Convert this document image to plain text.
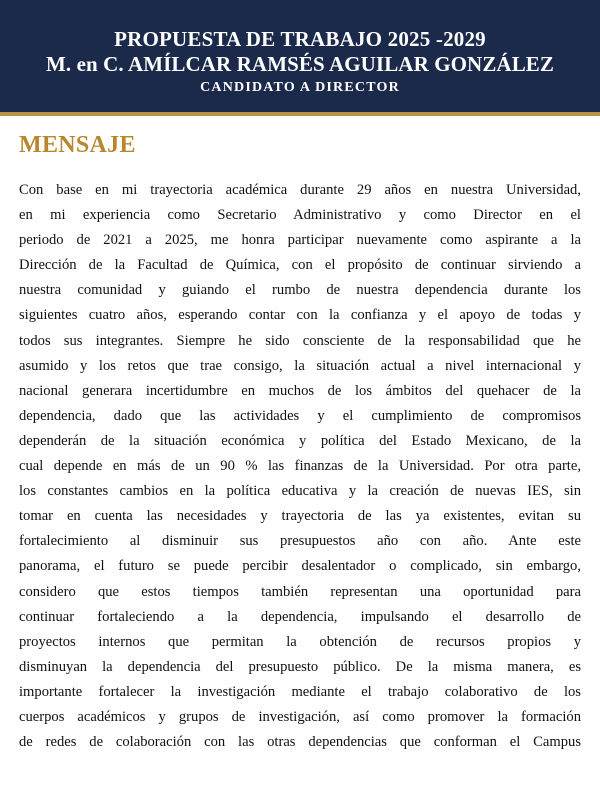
PROPUESTA DE TRABAJO 2025 -2029
M. en C. AMÍLCAR RAMSÉS AGUILAR GONZÁLEZ
CANDIDATO A DIRECTOR
MENSAJE
Con base en mi trayectoria académica durante 29 años en nuestra Universidad,
en mi experiencia como Secretario Administrativo y como Director en el
periodo de 2021 a 2025, me honra participar nuevamente como aspirante a la
Dirección de la Facultad de Química, con el propósito de continuar sirviendo a
nuestra comunidad y guiando el rumbo de nuestra dependencia durante los
siguientes cuatro años, esperando contar con la confianza y el apoyo de todas y
todos sus integrantes. Siempre he sido consciente de la responsabilidad que he
asumido y los retos que trae consigo, la situación actual a nivel internacional y
nacional generara incertidumbre en muchos de los ámbitos del quehacer de la
dependencia, dado que las actividades y el cumplimiento de compromisos
dependerán de la situación económica y política del Estado Mexicano, de la
cual depende en más de un 90 % las finanzas de la Universidad. Por otra parte,
los constantes cambios en la política educativa y la creación de nuevas IES, sin
tomar en cuenta las necesidades y trayectoria de las ya existentes, evitan su
fortalecimiento al disminuir sus presupuestos año con año. Ante este
panorama, el futuro se puede percibir desalentador o complicado, sin embargo,
considero que estos tiempos también representan una oportunidad para
continuar fortaleciendo a la dependencia, impulsando el desarrollo de
proyectos internos que permitan la obtención de recursos propios y
disminuyan la dependencia del presupuesto público. De la misma manera, es
importante fortalecer la investigación mediante el trabajo colaborativo de los
cuerpos académicos y grupos de investigación, así como promover la formación
de redes de colaboración con las otras dependencias que conforman el Campus
